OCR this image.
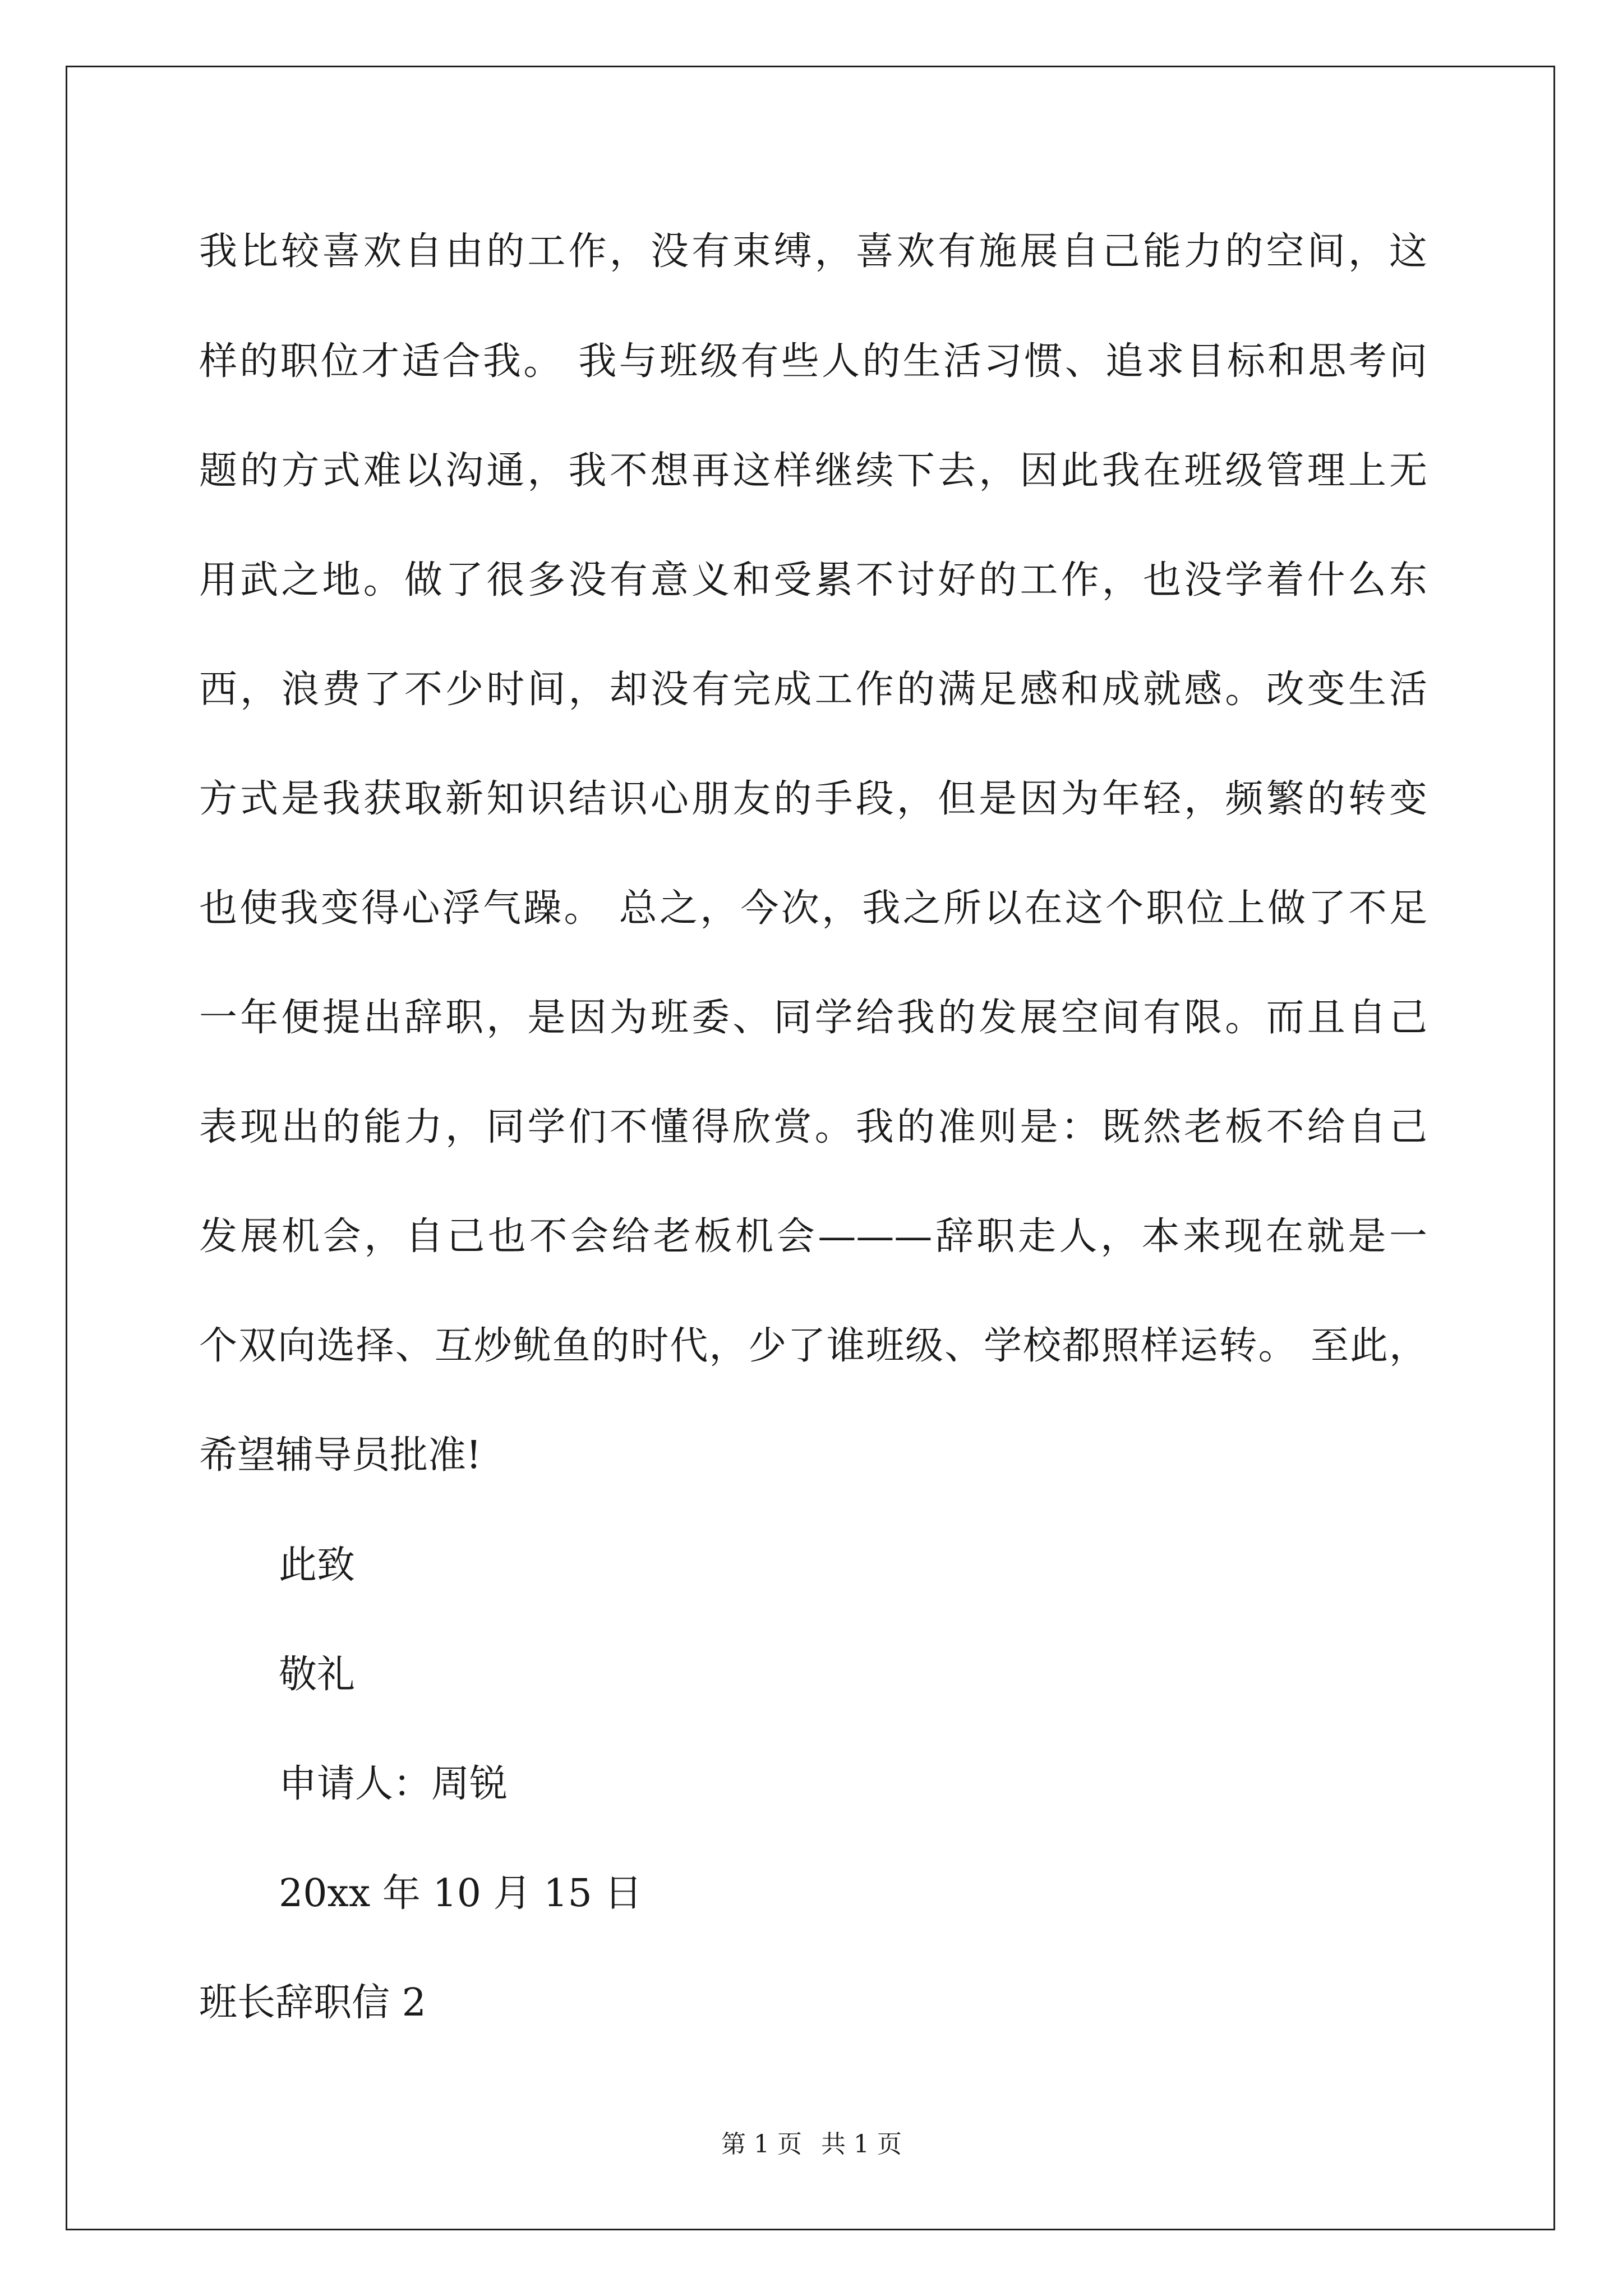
我比较喜欢自由的工作，没有束缚，喜欢有施展自己能力的空间，这
样的职位才适合我。 我与班级有些人的生活习惯、追求目标和思考问
题的方式难以沟通，我不想再这样继续下去，因此我在班级管理上无
用武之地。做了很多没有意义和受累不讨好的工作，也没学着什么东
西，浪费了不少时间，却没有完成工作的满足感和成就感。改变生活
方式是我获取新知识结识心朋友的手段，但是因为年轻，频繁的转变
也使我变得心浮气躁。 总之，今次，我之所以在这个职位上做了不足
一年便提出辞职，是因为班委、同学给我的发展空间有限。而且自己
表现出的能力，同学们不懂得欣赏。我的准则是：既然老板不给自己
发展机会，自己也不会给老板机会———辞职走人，本来现在就是一
个双向选择、互炒鱿鱼的时代，少了谁班级、学校都照样运转。 至此，
希望辅导员批准!
此致
敬礼
申请人：周锐
20xx 年 10 月 15 日
班长辞职信 2
第 1 页 共 1 页
